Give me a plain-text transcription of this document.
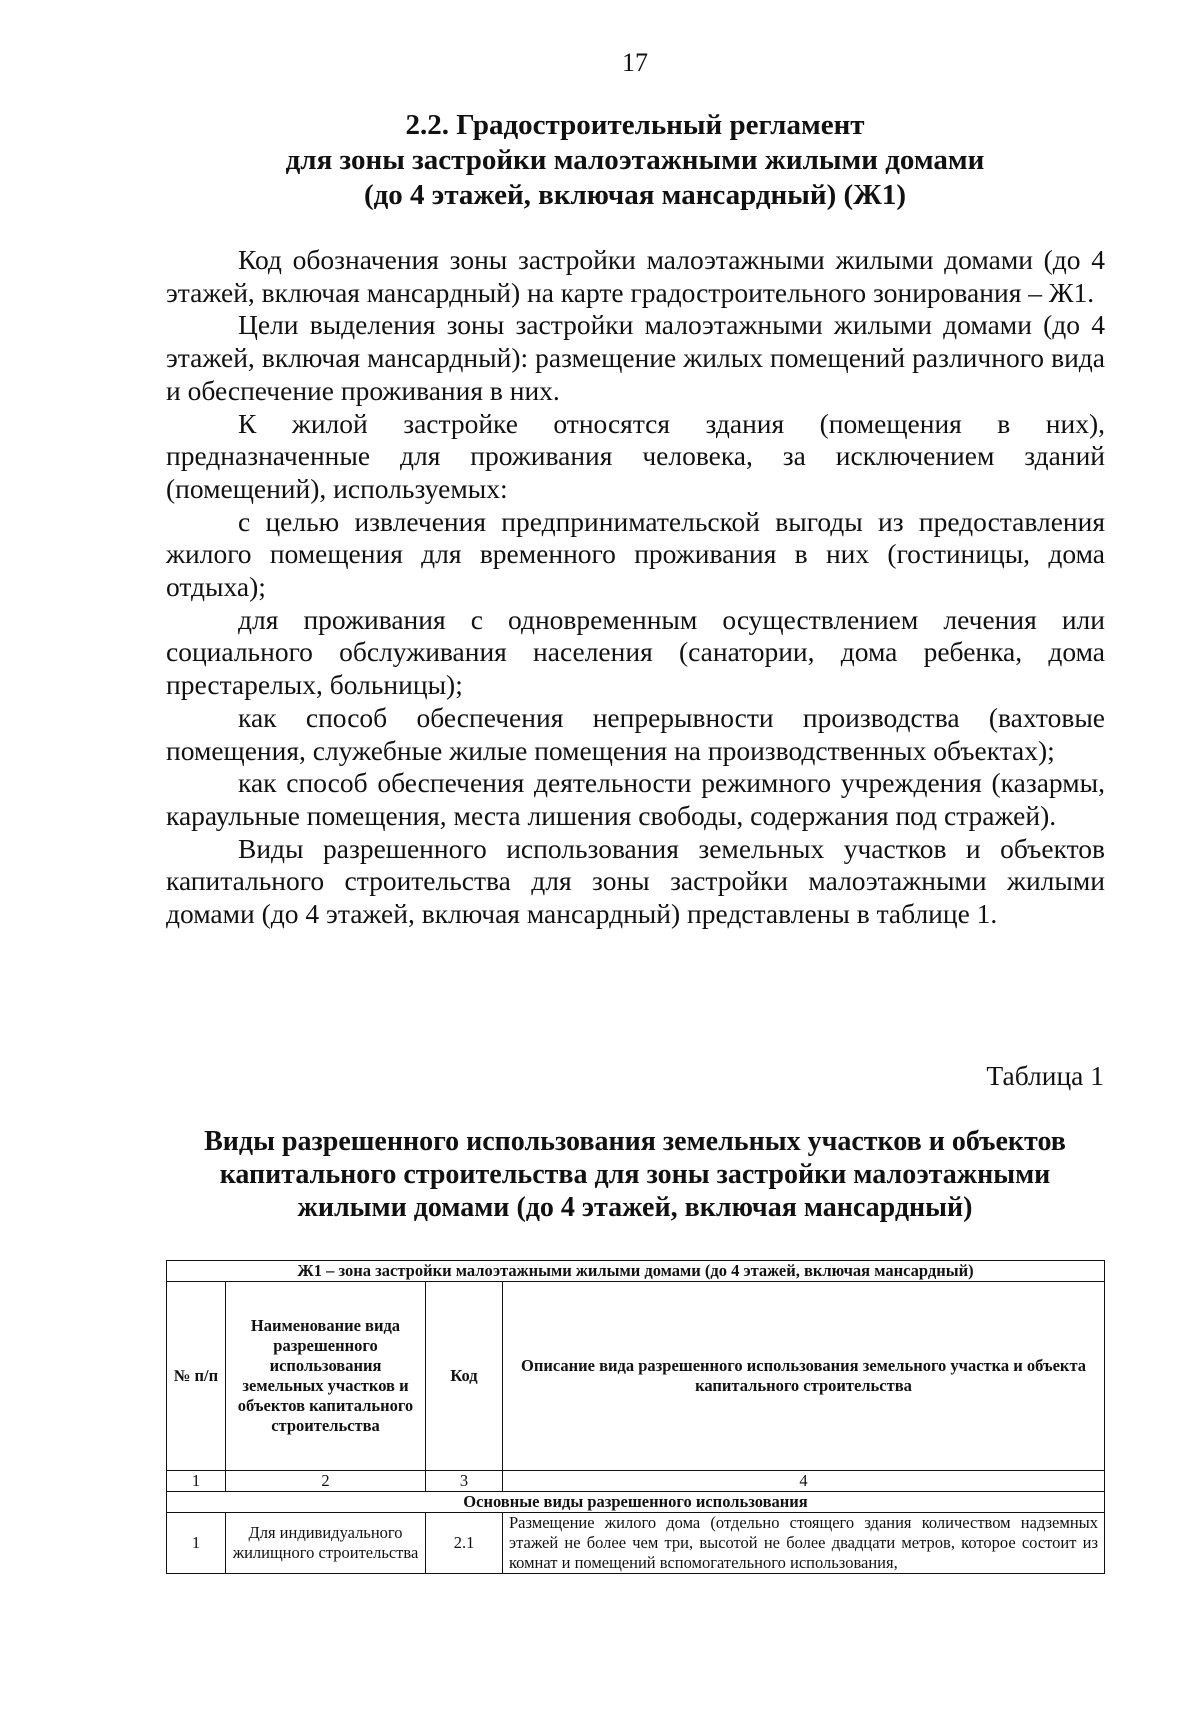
17
2.2. Градостроительный регламент
для зоны застройки малоэтажными жилыми домами
(до 4 этажей, включая мансардный) (Ж1)

Код обозначения зоны застройки малоэтажными жилыми домами (до 4 этажей, включая мансардный) на карте градостроительного зонирования – Ж1.

Цели выделения зоны застройки малоэтажными жилыми домами (до 4 этажей, включая мансардный): размещение жилых помещений различного вида и обеспечение проживания в них.

К жилой застройке относятся здания (помещения в них), предназначенные для проживания человека, за исключением зданий (помещений), используемых:

с целью извлечения предпринимательской выгоды из предоставления жилого помещения для временного проживания в них (гостиницы, дома отдыха);

для проживания с одновременным осуществлением лечения или социального обслуживания населения (санатории, дома ребенка, дома престарелых, больницы);

как способ обеспечения непрерывности производства (вахтовые помещения, служебные жилые помещения на производственных объектах);

как способ обеспечения деятельности режимного учреждения (казармы, караульные помещения, места лишения свободы, содержания под стражей).

Виды разрешенного использования земельных участков и объектов капитального строительства для зоны застройки малоэтажными жилыми домами (до 4 этажей, включая мансардный) представлены в таблице 1.

Таблица 1
Виды разрешенного использования земельных участков и объектов
капитального строительства для зоны застройки малоэтажными
жилыми домами (до 4 этажей, включая мансардный)
Ж1 – зона застройки малоэтажными жилыми домами (до 4 этажей, включая мансардный)			
№ п/п	Наименование вида разрешенного использования земельных участков и объектов капитального строительства	Код	Описание вида разрешенного использования земельного участка и объекта капитального строительства
1	2	3	4
Основные виды разрешенного использования			
1	Для индивидуального жилищного строительства	2.1	Размещение жилого дома (отдельно стоящего здания количеством надземных этажей не более чем три, высотой не более двадцати метров, которое состоит из комнат и помещений вспомогательного использования,
